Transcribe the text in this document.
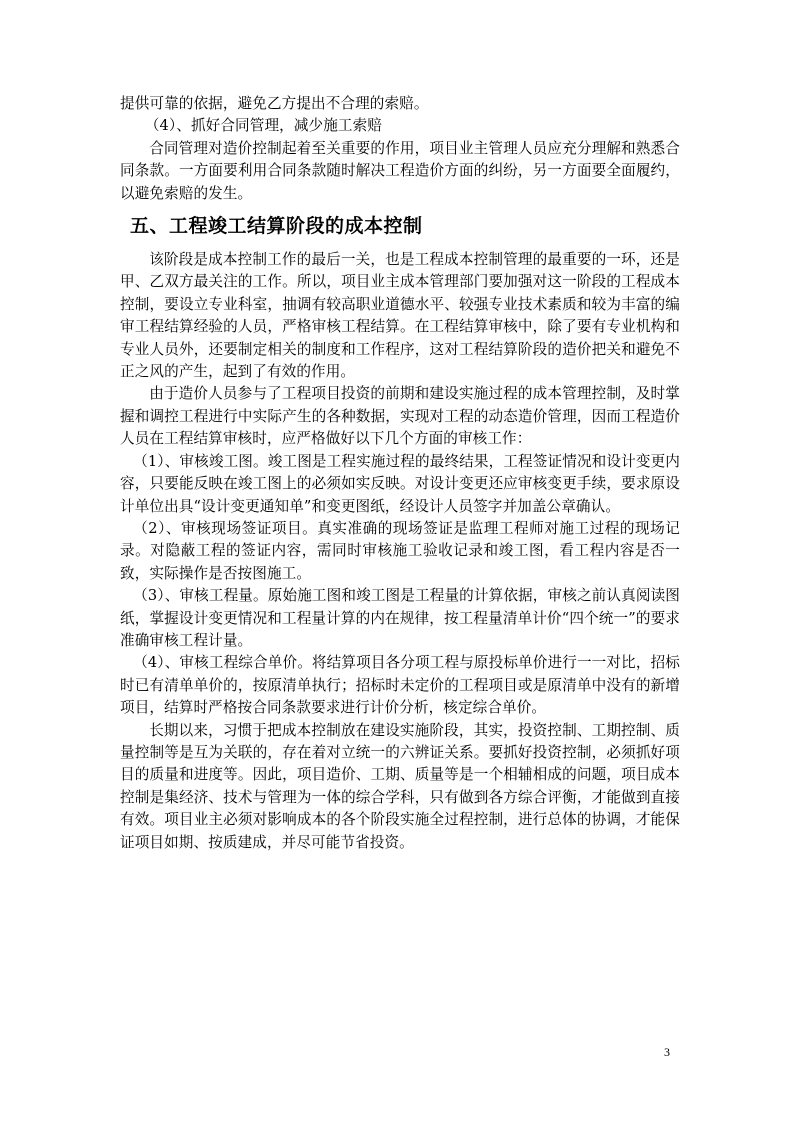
提供可靠的依据，避免乙方提出不合理的索赔。

（4）、抓好合同管理，减少施工索赔

合同管理对造价控制起着至关重要的作用，项目业主管理人员应充分理解和熟悉合同条款。一方面要利用合同条款随时解决工程造价方面的纠纷，另一方面要全面履约，以避免索赔的发生。

五、工程竣工结算阶段的成本控制

该阶段是成本控制工作的最后一关，也是工程成本控制管理的最重要的一环，还是甲、乙双方最关注的工作。所以，项目业主成本管理部门要加强对这一阶段的工程成本控制，要设立专业科室，抽调有较高职业道德水平、较强专业技术素质和较为丰富的编审工程结算经验的人员，严格审核工程结算。在工程结算审核中，除了要有专业机构和专业人员外，还要制定相关的制度和工作程序，这对工程结算阶段的造价把关和避免不正之风的产生，起到了有效的作用。

由于造价人员参与了工程项目投资的前期和建设实施过程的成本管理控制，及时掌握和调控工程进行中实际产生的各种数据，实现对工程的动态造价管理，因而工程造价人员在工程结算审核时，应严格做好以下几个方面的审核工作：

（1）、审核竣工图。竣工图是工程实施过程的最终结果，工程签证情况和设计变更内容，只要能反映在竣工图上的必须如实反映。对设计变更还应审核变更手续，要求原设计单位出具“设计变更通知单”和变更图纸，经设计人员签字并加盖公章确认。

（2）、审核现场签证项目。真实准确的现场签证是监理工程师对施工过程的现场记录。对隐蔽工程的签证内容，需同时审核施工验收记录和竣工图，看工程内容是否一致，实际操作是否按图施工。

（3）、审核工程量。原始施工图和竣工图是工程量的计算依据，审核之前认真阅读图纸，掌握设计变更情况和工程量计算的内在规律，按工程量清单计价“四个统一”的要求准确审核工程计量。

（4）、审核工程综合单价。将结算项目各分项工程与原投标单价进行一一对比，招标时已有清单单价的，按原清单执行；招标时未定价的工程项目或是原清单中没有的新增项目，结算时严格按合同条款要求进行计价分析，核定综合单价。

长期以来，习惯于把成本控制放在建设实施阶段，其实，投资控制、工期控制、质量控制等是互为关联的，存在着对立统一的六辨证关系。要抓好投资控制，必须抓好项目的质量和进度等。因此，项目造价、工期、质量等是一个相辅相成的问题，项目成本控制是集经济、技术与管理为一体的综合学科，只有做到各方综合评衡，才能做到直接有效。项目业主必须对影响成本的各个阶段实施全过程控制，进行总体的协调，才能保证项目如期、按质建成，并尽可能节省投资。

3
